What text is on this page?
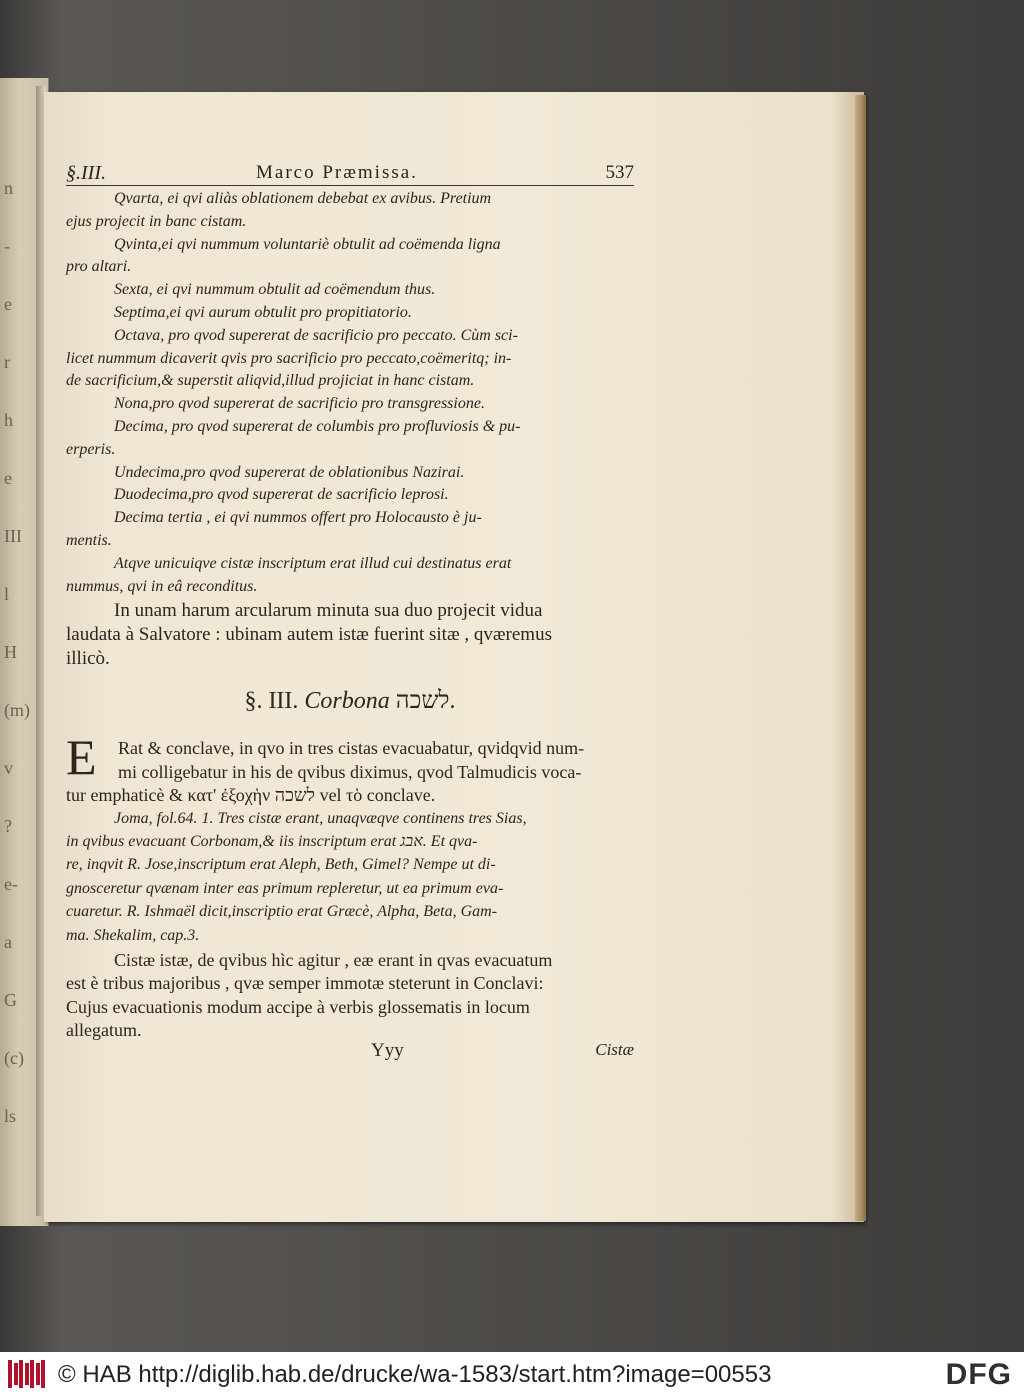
n
-
e
r
h
e
III
l
H
(m)
v
?
e-
a
G
(c)
ls
§.III.	Marco Præmissa.	537
Qvarta, ei qvi aliàs oblationem debebat ex avibus. Pretium
ejus projecit in banc cistam.
Qvinta,ei qvi nummum voluntariè obtulit ad coëmenda ligna
pro altari.
Sexta, ei qvi nummum obtulit ad coëmendum thus.
Septima,ei qvi aurum obtulit pro propitiatorio.
Octava, pro qvod supererat de sacrificio pro peccato. Cùm sci-
licet nummum dicaverit qvis pro sacrificio pro peccato,coëmeritq; in-
de sacrificium,& superstit aliqvid,illud projiciat in hanc cistam.
Nona,pro qvod supererat de sacrificio pro transgressione.
Decima, pro qvod supererat de columbis pro profluviosis & pu-
erperis.
Undecima,pro qvod supererat de oblationibus Nazirai.
Duodecima,pro qvod supererat de sacrificio leprosi.
Decima tertia , ei qvi nummos offert pro Holocausto è ju-
mentis.
Atqve unicuiqve cistæ inscriptum erat illud cui destinatus erat
nummus, qvi in eâ reconditus.
In unam harum arcularum minuta sua duo projecit vidua
laudata à Salvatore : ubinam autem istæ fuerint sitæ , qværemus
illicò.
§. III. Corbona לשכה.
E	Rat & conclave, in qvo in tres cistas evacuabatur, qvidqvid num-
mi colligebatur in his de qvibus diximus, qvod Talmudicis voca-
tur emphaticè & κατ' ἐξοχὴν לשכה vel τὸ conclave.
Joma, fol.64. 1. Tres cistæ erant, unaqvæqve continens tres Sias,
in qvibus evacuant Corbonam,& iis inscriptum erat אבג. Et qva-
re, inqvit R. Jose,inscriptum erat Aleph, Beth, Gimel? Nempe ut di-
gnosceretur qvænam inter eas primum repleretur, ut ea primum eva-
cuaretur. R. Ishmaël dicit,inscriptio erat Græcè, Alpha, Beta, Gam-
ma. Shekalim, cap.3.
Cistæ istæ, de qvibus hìc agitur , eæ erant in qvas evacuatum
est è tribus majoribus , qvæ semper immotæ steterunt in Conclavi:
Cujus evacuationis modum accipe à verbis glossematis in locum
allegatum.
Yyy	Cistæ
© HAB http://diglib.hab.de/drucke/wa-1583/start.htm?image=00553	DFG
